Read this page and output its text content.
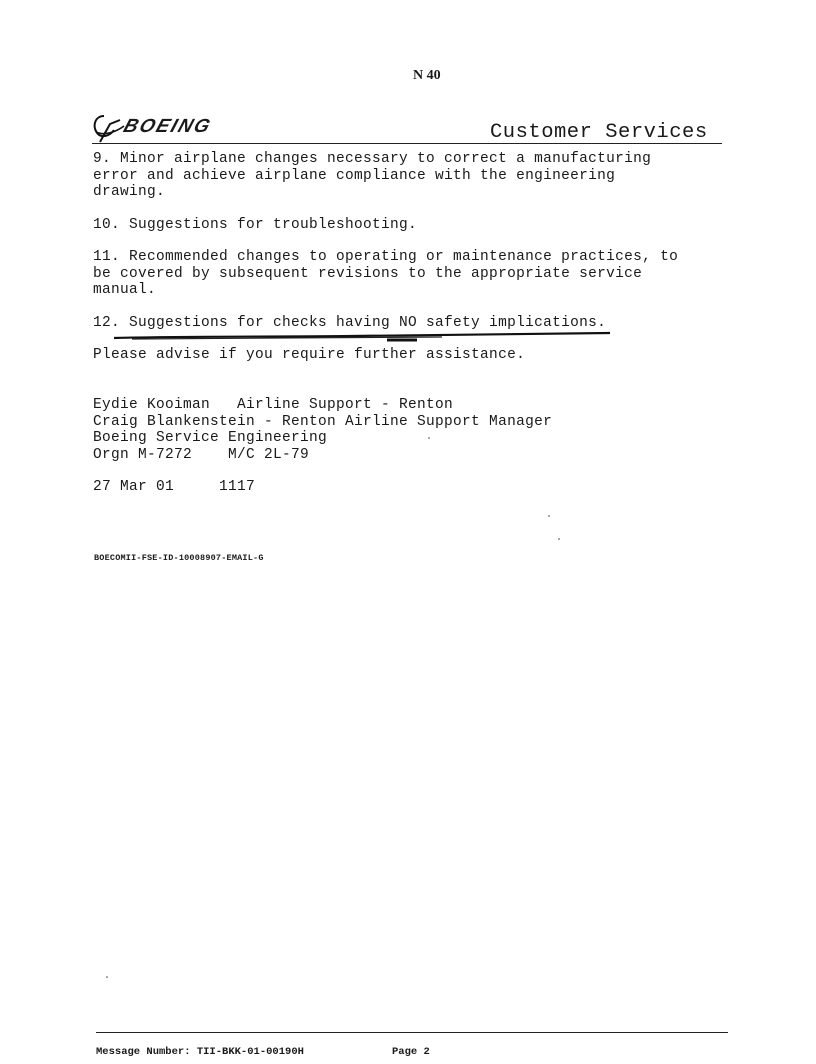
N 40
BOEING	Customer Services
9. Minor airplane changes necessary to correct a manufacturing
error and achieve airplane compliance with the engineering
drawing.
10. Suggestions for troubleshooting.
11. Recommended changes to operating or maintenance practices, to
be covered by subsequent revisions to the appropriate service
manual.
12. Suggestions for checks having NO safety implications.
Please advise if you require further assistance.
Eydie Kooiman   Airline Support - Renton
Craig Blankenstein - Renton Airline Support Manager
Boeing Service Engineering
Orgn M-7272    M/C 2L-79
27 Mar 01     1117
BOECOMII-FSE-ID-10008907-EMAIL-G
Message Number: TII-BKK-01-00190H	Page 2
